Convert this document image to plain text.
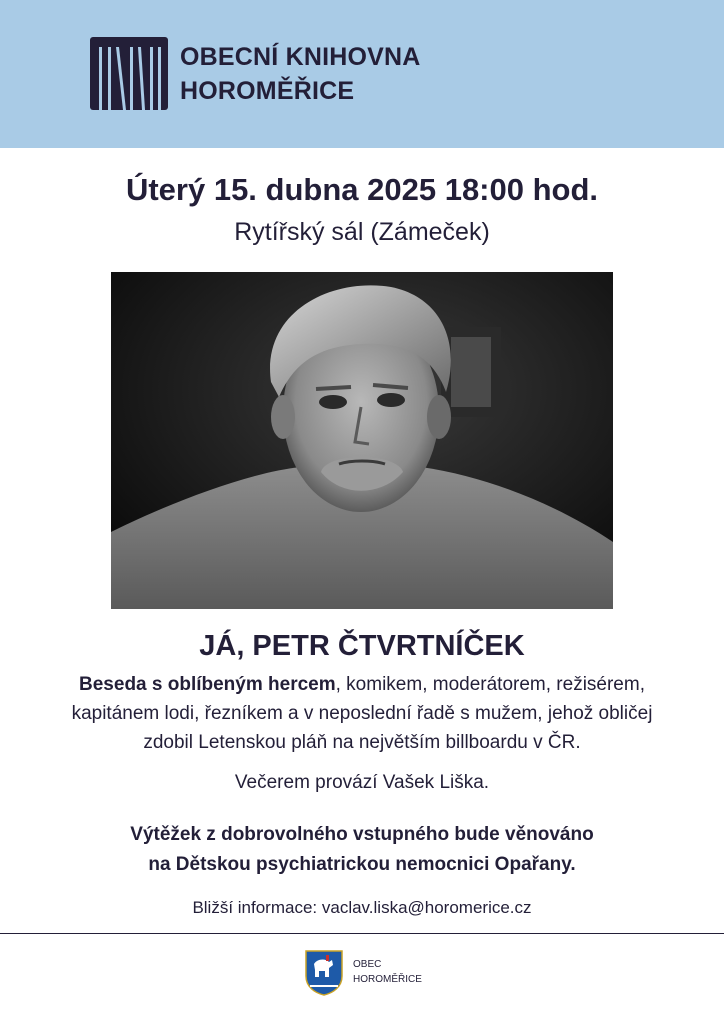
OBECNÍ KNIHOVNA
HOROMĚŘICE
Úterý 15. dubna 2025 18:00 hod.
Rytířský sál (Zámeček)
JÁ, PETR ČTVRTNÍČEK
Beseda s oblíbeným hercem, komikem, moderátorem, režisérem,
kapitánem lodi, řezníkem a v neposlední řadě s mužem, jehož obličej
zdobil Letenskou pláň na největším billboardu v ČR.
Večerem provází Vašek Liška.
Výtěžek z dobrovolného vstupného bude věnováno
na Dětskou psychiatrickou nemocnici Opařany.
Bližší informace: vaclav.liska@horomerice.cz
OBEC
HOROMĚŘICE
